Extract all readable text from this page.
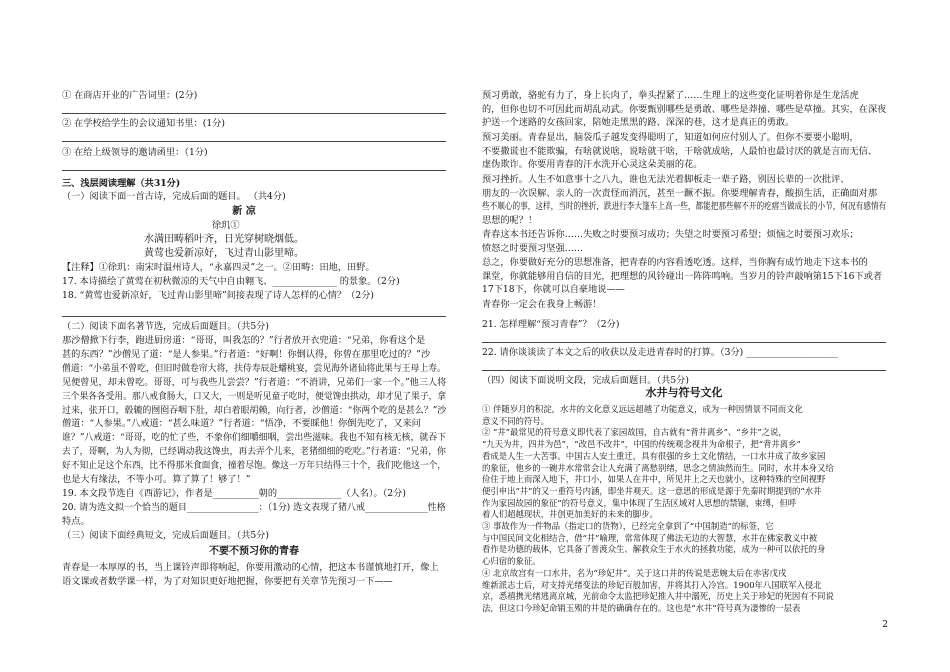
① 在商店开业的广告词里：(2分)
② 在学校给学生的会议通知书里：(1分)
③ 在给上级领导的邀请函里：（1分)
三、浅层阅读理解（共31分)
（一）阅读下面一首古诗，完成后面的题目。 （共4分)
新 凉
徐玑①
水满田畴稻叶齐，日光穿树晓烟低。
黄莺也爱新凉好，飞过青山影里啼。
【注释】①徐玑：南宋时温州诗人，“永嘉四灵”之一。②田畴：田地，田野。
17. 本诗描绘了黄莺在初秋微凉的天气中自由翱飞、______________ 的景象。（2分)
18. “黄莺也爱新凉好，飞过青山影里啼”间接表现了诗人怎样的心情？（2分)
（二）阅读下面名著节选，完成后面题目。（共5分)
那沙僧掀下行李，跑进厨房道：“哥哥，叫我怎的？”行者放开衣兜道：“兄弟，你看这个是
甚的东西？”沙僧见了道：“是人参果。”行者道：“好啊！你倒认得，你曾在那里吃过的？”沙
僧道：“小弟虽不曾吃，但旧时做卷帘大将，扶侍寿辰赴蟠桃宴，尝见海外诸仙将此果与王母上寿。
见便曾见，却未曾吃。哥哥，可与我些儿尝尝？”行者道：“不消讲，兄弟们一家一个。”他三人将
三个果各各受用。那八戒食肠大，口又大，一则是听见童子吃时，便觉馋虫拱动，却才见了果子，拿
过来，张开口，毂辘的囫囵吞咽下肚，却白着眼胡赖，向行者，沙僧道：“你两个吃的是甚么？”沙
僧道：“人参果。”八戒道：“甚么味道？”行者道：“悟净，不要睬他！你倒先吃了，又来问
谁？”八戒道：“哥哥，吃的忙了些，不象你们细嚼细咽，尝出些滋味。我也不知有核无核，就吞下
去了，哥啊，为人为彻，已经调动我这馋虫，再去弄个儿来，老猪细细的吃吃。”行者道：“兄弟，你
好不知止足这个东西，比不得那米食面食，撞着尽饱。像这一万年只结得三十个，我们吃他这一个，
也是大有缘法，不等小可。算了算了！够了！”
19. 本文段节选自《西游记》，作者是__________朝的______________（人名）。（2分)
20. 请为选文拟一个恰当的题目________________：（1分) 选文表现了猪八戒______________性格
特点。
（三）阅读下面经典短文，完成后面题目。（共5分)
不要不预习你的青春
青春是一本厚厚的书，当上课铃声即将响起，你要用激动的心情，把这本书谨慎地打开，像上
语文课或者数学课一样，为了对知识更好地把握，你要把有关章节先预习一下——
预习勇敢，骆驼有力了，身上长肉了，拳头捏紧了……生理上的这些变化证明着你是生龙活虎
的，但你也切不可因此而胡乱动武。你要甄别哪些是勇敢、哪些是莽撞、哪些是草撞。其实，在深夜
护送一个迷路的女孩回家，陪她走黑黑的路、深深的巷，这才是真正的勇敢。
预习美丽。青春显出，脑袋瓜子越发变得聪明了，知道如何应付别人了。但你不要要小聪明，
不要撒谎也不能欺骗，有啥就说啥，说啥就干啥，干啥就成啥，人最怕也最讨厌的就是言而无信、
虚伪欺诈。你要用青春的汗水洗开心灵这朵美丽的花。
预习挫折。人生不如意事十之八九，谁也无法光着脚板走一辈子路，别因长辈的一次批评、
朋友的一次误解、亲人的一次责怪而消沉，甚至一蹶不振。你要理解青春，酸损生活，正确面对那
些不顺心的事，这样，当时的挫折，跌进行李大篷车上高一些，都能把那些解不开的疙瘩当做成长的小节，何况有感情有
思想的呢？！
青春这本书还告诉你……失败之时要预习成功；失望之时要预习希望；烦恼之时要预习欢乐；
愤怒之时要预习坚强……
总之，你要做好充分的思想准备，把青春的内容看透吃透。这样，当你胸有成竹地走下这本书的
课堂，你就能够用自信的目光，把理想的风铃碰出一阵阵鸣响。当岁月的铃声敲响第15下16下或者
17下18下，你就可以自豪地说——
青春你一定会在我身上畅游！
21. 怎样理解“预习青春”？（2分)
22. 请你谈谈读了本文之后的收获以及走进青春时的打算。（3分) ____________________
（四）阅读下面说明文段，完成后面题目。（共5分)
水井与符号文化
① 伴随岁月的积淀，水井的文化意义远远超越了功能意义，成为一种因情景不同而文化
意义不同的符号。
② “井”最常见的符号意义即代表了家园故国，自古就有“背井离乡”、“乡井”之说，
“九天为井，四井为邑”，“改邑不改井”，中国的传统观念视井为命根子，把“背井离乡”
看成是人生一大苦事。中国古人安土重迁，具有很强的乡土文化情结，一口水井成了故乡家园
的象征，他乡的一碗井水常常会让人充满了离愁别绪，思念之情油然而生。同时，水井本身又给
俭住于地上而深入地下，井口小，如果人在井中，所见井上之天也就小，这种特殊的空间视野
便引申出“井”的又一重符号内涵，即坐井观天。这一意思的形成是源于先秦时期提到的“水井
作为家园故园的象征”的符号意义，集中体现了生活区域对人思想的禁锢，束缚，但呼
着人们超越现状，井创更加美好的未来的脚步。
③ 事故作为一件物品（指定口的货物），已经完全拿到了“中国制造”的标签，它
与中国民间文化相结合，借“井”喻理，常常体现了佛法无边的大智慧，水井在佛家教义中被
看作是功德的载体，它具备了普渡众生、解救众生于水火的拯救功能，成为一种可以依托的身
心归宿的象征。
④ 北京故宫有一口水井，名为“珍妃井”。关于这口井的传说是悲婉太后在赤害戊戌
维新派志士后，对支持光绪变法的珍妃百般加害，并将其打入冷宫。1900年八国联军入侵北
京，悉禧携光绪逃离京城，光前命令太监把珍妃推入井中溺死，历史上关于珍妃的死因有不同说
法，但这口今珍妃命销玉殒的井是的确确存在的。这也是“水井”符号真为凄惨的一层表
2
